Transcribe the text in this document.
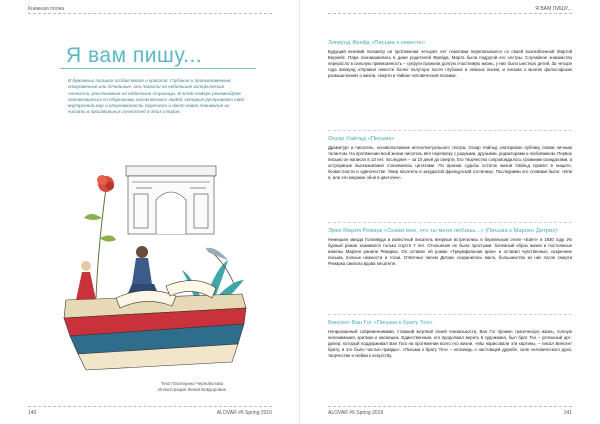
Книжная полка
Я вам пишу...

В бумажных письмах особая магия и красота. Глубокие и проникновенные, откровенные или печальные, они помогли на небольшие исторические личности, рассекаемые на недельные страницы. В этом номере рекомендуем познакомиться со сборниками писем великих людей, которые раскрывают свой внутренний мир и откровенность переписки и дают новое понимание их читать в произвольных личностей в этих сторон.

Текст Екатерина Черноволова
Иллюстрация Лилия Вовдоровна
140	ALOVAR #6 Spring 2016
Я ВАМ ПИШУ...
Зигмунд Фрейд «Письма к невесте»

Будущий великий психиатр на протяжении четырёх лет помолвки переписывался со своей возлюбленной Мартой Бернейс. Пара познакомилась в доме родителей Фрейда, Марта была подругой его сестры. Случайное знакомство переросло в сильную привязанность – супруги прожили долгую счастливую жизнь, у них было шестеро детей. За четыре года Зигмунд отправил невесте более полутора тысяч глубоких и нежных писем, и письма о многих философских размышлениях о жизни, смерти и тайнах человеческой психики.

Оскар Уайльд «Письма»

Драматург и писатель, основоположник интеллектуального театра, Оскар Уайльд эпатировал публику своим личным талантом. На протяжении всей жизни писатель вёл переписку с родными, друзьями, редакторами и любовником. Первое письмо он написал в 13 лет, последнее – за 10 дней до смерти. Его творчество сопровождалось громкими скандалами, а остроумные высказывания становились цитатами. По иронии судьбы остаток жизни Уайльд провёл в нищете, безвестности и одиночестве. Умер писатель в захудалой французской гостинице. Последними его словами были: «Или я, или эти мерзкие обои в цветочек».

Эрих Мария Ремарк «Скажи мне, что ты меня любишь...» (Письма к Марлен Дитрих)

Немецкая звезда Голливуда и известный писатель впервые встретились в берлинском отеле «Eden» в 1930 году. Их бурный роман занимался только спустя 7 лет. Отношения не были простыми: богемный образ жизни и постоянные измены Марлен ранили Ремарка. Он оставил ей роман «Триумфальная арка» и оставил чувственные, искренние письма, полные нежности и тоски. Ответных писем Дитрих сохранилось мало, большинство из них после смерти Ремарка сжигала вдова писателя.

Винсент Ван Гог «Письма к брату Тео»

Непризнанный современниками, ставший жертвой своей гениальности, Ван Гог прожил трагическую жизнь, полную непонимания, критики и насмешек. Единственным, кто продолжал верить в художника, был брат Тео – успешный арт-дилер, который поддерживал Ван Гога на протяжении всего его жизни. «Мы нарисовали эти картины, – писал Винсент брату, и это было частью правды». «Письма к брату Тео» – исповедь о настоящей дружбе, силе человеческого духа, творчестве и любви к искусству.

ALOVAR #6 Spring 2016	141
